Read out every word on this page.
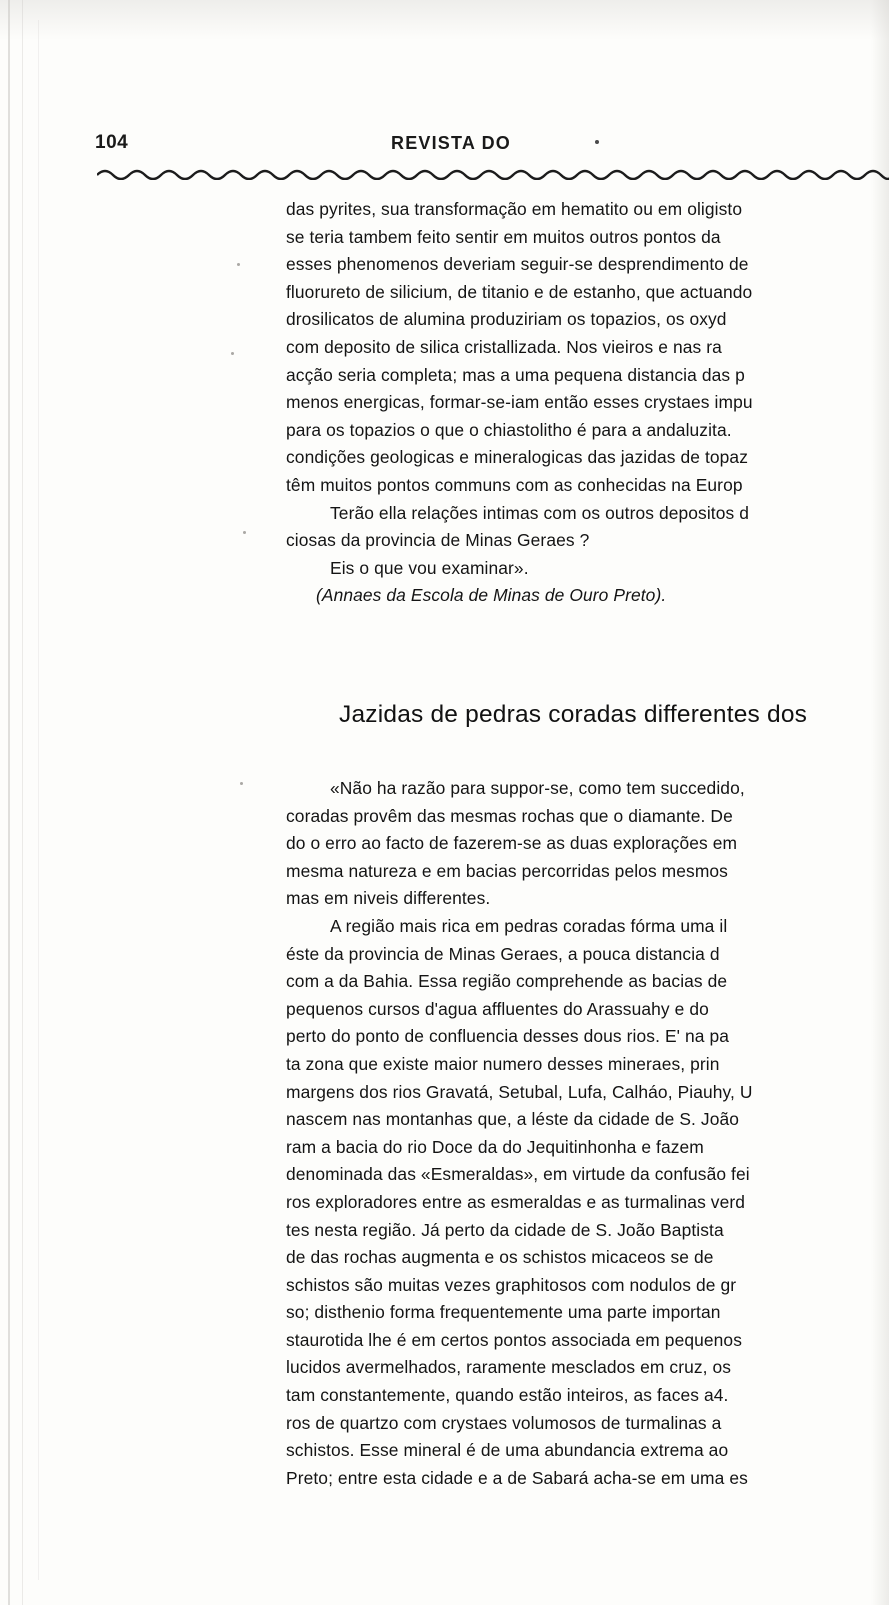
104	REVISTA DO

das pyrites, sua transformação em hematito ou em oligisto

se teria tambem feito sentir em muitos outros pontos da

esses phenomenos deveriam seguir-se desprendimento de

fluorureto de silicium, de titanio e de estanho, que actuando

drosilicatos de alumina produziriam os topazios, os oxyd

com deposito de silica cristallizada. Nos vieiros e nas ra

acção seria completa; mas a uma pequena distancia das p

menos energicas, formar-se-iam então esses crystaes impu

para os topazios o que o chiastolitho é para a andaluzita.

condições geologicas e mineralogicas das jazidas de topaz

têm muitos pontos communs com as conhecidas na Europ

Terão ella relações intimas com os outros depositos d

ciosas da provincia de Minas Geraes ?

Eis o que vou examinar».

(Annaes da Escola de Minas de Ouro Preto).

Jazidas de pedras coradas differentes dos

«Não ha razão para suppor-se, como tem succedido,

coradas provêm das mesmas rochas que o diamante. De

do o erro ao facto de fazerem-se as duas explorações em

mesma natureza e em bacias percorridas pelos mesmos

mas em niveis differentes.

A região mais rica em pedras coradas fórma uma il

éste da provincia de Minas Geraes, a pouca distancia d

com a da Bahia. Essa região comprehende as bacias de

pequenos cursos d'agua affluentes do Arassuahy e do

perto do ponto de confluencia desses dous rios. E' na pa

ta zona que existe maior numero desses mineraes, prin

margens dos rios Gravatá, Setubal, Lufa, Calháo, Piauhy, U

nascem nas montanhas que, a léste da cidade de S. João

ram a bacia do rio Doce da do Jequitinhonha e fazem

denominada das «Esmeraldas», em virtude da confusão fei

ros exploradores entre as esmeraldas e as turmalinas verd

tes nesta região. Já perto da cidade de S. João Baptista

de das rochas augmenta e os schistos micaceos se de

schistos são muitas vezes graphitosos com nodulos de gr

so; disthenio forma frequentemente uma parte importan

staurotida lhe é em certos pontos associada em pequenos

lucidos avermelhados, raramente mesclados em cruz, os

tam constantemente, quando estão inteiros, as faces a4.

ros de quartzo com crystaes volumosos de turmalinas a

schistos. Esse mineral é de uma abundancia extrema ao

Preto; entre esta cidade e a de Sabará acha-se em uma es
